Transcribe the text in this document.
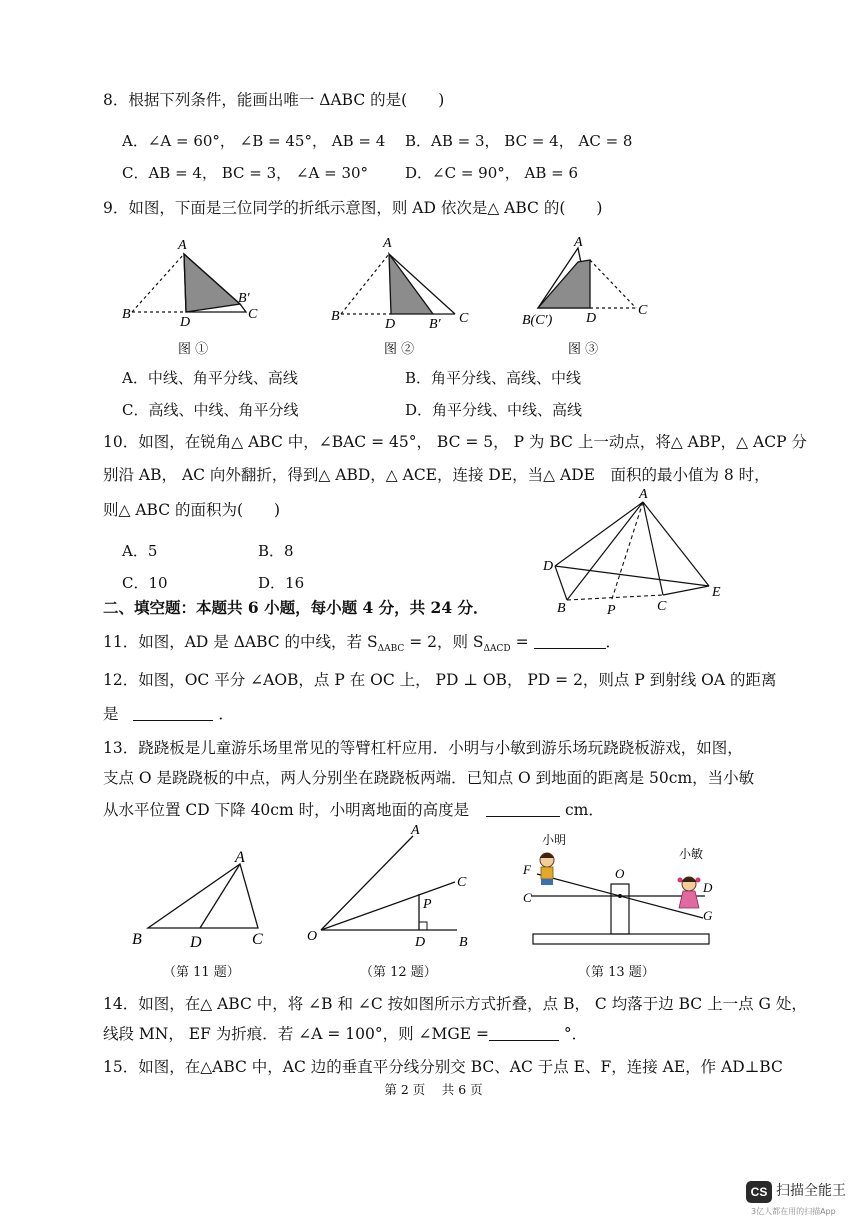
8．根据下列条件，能画出唯一 ΔABC 的是(　　)
A．∠A = 60°， ∠B = 45°， AB = 4 B．AB = 3， BC = 4， AC = 8
C．AB = 4， BC = 3， ∠A = 30° D．∠C = 90°， AB = 6
9．如图，下面是三位同学的折纸示意图，则 AD 依次是△ ABC 的(　　)
A
B
D
B′
C
图 ①
A
B
D B′ C
图 ②
A
B(C′) D
C
图 ③
A．中线、角平分线、高线	B．角平分线、高线、中线
C．高线、中线、角平分线	D．角平分线、中线、高线
10．如图，在锐角△ ABC 中，∠BAC = 45°， BC = 5， P 为 BC 上一动点，将△ ABP，△ ACP 分
别沿 AB， AC 向外翻折，得到△ ABD，△ ACE，连接 DE，当△ ADE　面积的最小值为 8 时，
则△ ABC 的面积为(　　)
A．5	B．8
C．10	D．16
A
D
E
B	P	C
二、填空题：本题共 6 小题，每小题 4 分，共 24 分．
11．如图，AD 是 ΔABC 的中线，若 $S_{\Delta ABC} = 2$，则 $S_{\Delta ACD}$ =	．
12．如图，OC 平分 ∠AOB，点 P 在 OC 上， PD ⊥ OB， PD = 2，则点 P 到射线 OA 的距离
是	．
13．跷跷板是儿童游乐场里常见的等臂杠杆应用．小明与小敏到游乐场玩跷跷板游戏，如图，
支点 O 是跷跷板的中点，两人分别坐在跷跷板两端．已知点 O 到地面的距离是 50cm，当小敏
从水平位置 CD 下降 40cm 时，小明离地面的高度是	cm．
A
B	D	C
（第 11 题）
A
C
P
O	D B
（第 12 题）
小明
小敏
O
F
C
D
G
（第 13 题）
14．如图，在△ ABC 中，将 ∠B 和 ∠C 按如图所示方式折叠，点 B， C 均落于边 BC 上一点 G 处，
线段 MN， EF 为折痕．若 ∠A = 100°，则 ∠MGE =	°．
15．如图，在△ABC 中，AC 边的垂直平分线分别交 BC、AC 于点 E、F，连接 AE，作 AD⊥BC
第 2 页　 共 6 页
CS 扫描全能王
3亿人都在用的扫描App
